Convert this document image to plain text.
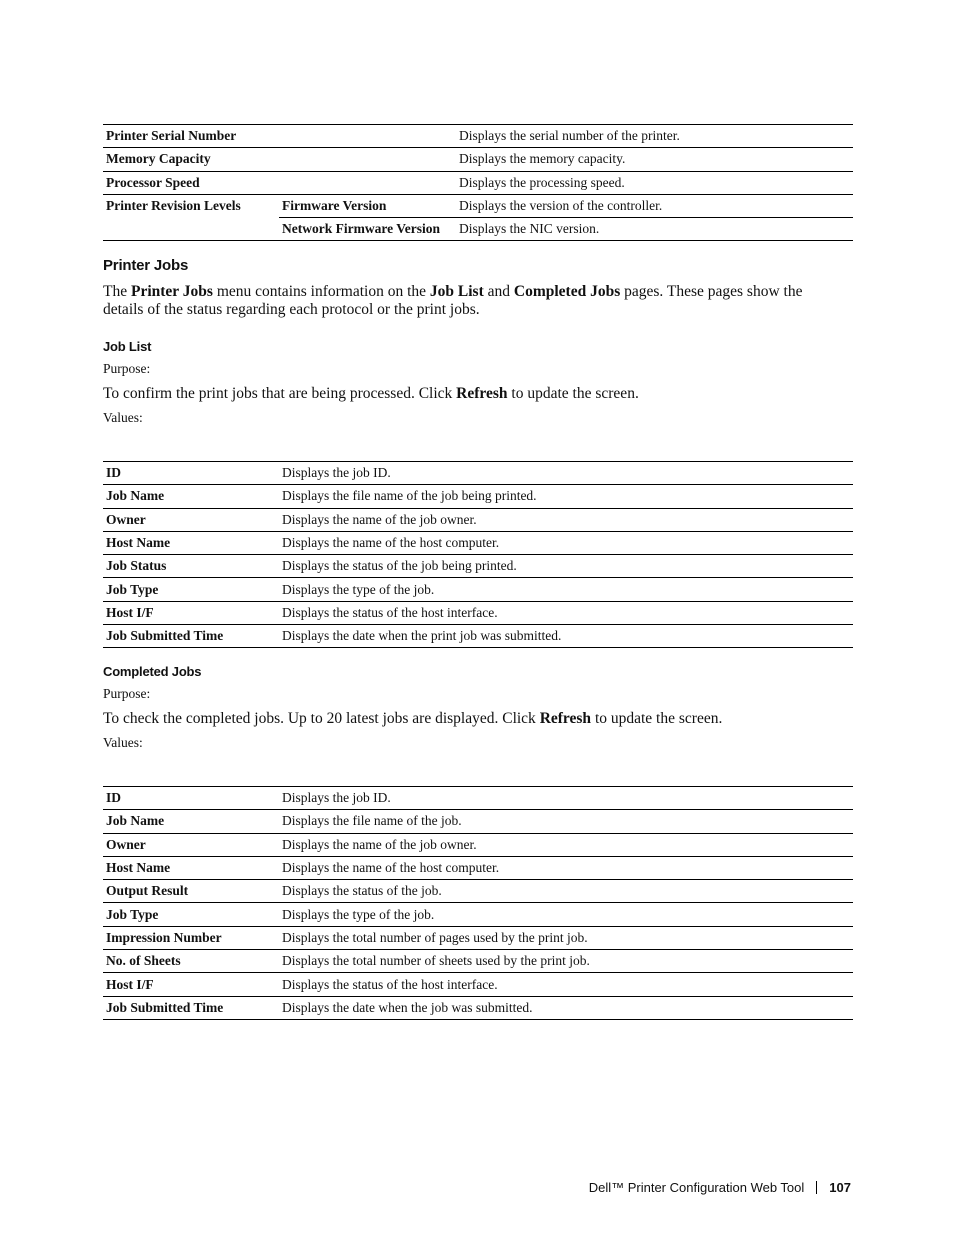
Printer Serial Number		Displays the serial number of the printer.
Memory Capacity		Displays the memory capacity.
Processor Speed		Displays the processing speed.
Printer Revision Levels	Firmware Version	Displays the version of the controller.
	Network Firmware Version	Displays the NIC version.
Printer Jobs

The Printer Jobs menu contains information on the Job List and Completed Jobs pages. These pages show the details of the status regarding each protocol or the print jobs.

Job List

Purpose:

To confirm the print jobs that are being processed. Click Refresh to update the screen.

Values:

ID	Displays the job ID.
Job Name	Displays the file name of the job being printed.
Owner	Displays the name of the job owner.
Host Name	Displays the name of the host computer.
Job Status	Displays the status of the job being printed.
Job Type	Displays the type of the job.
Host I/F	Displays the status of the host interface.
Job Submitted Time	Displays the date when the print job was submitted.
Completed Jobs

Purpose:

To check the completed jobs. Up to 20 latest jobs are displayed. Click Refresh to update the screen.

Values:

ID	Displays the job ID.
Job Name	Displays the file name of the job.
Owner	Displays the name of the job owner.
Host Name	Displays the name of the host computer.
Output Result	Displays the status of the job.
Job Type	Displays the type of the job.
Impression Number	Displays the total number of pages used by the print job.
No. of Sheets	Displays the total number of sheets used by the print job.
Host I/F	Displays the status of the host interface.
Job Submitted Time	Displays the date when the job was submitted.
Dell™ Printer Configuration Web Tool 107
